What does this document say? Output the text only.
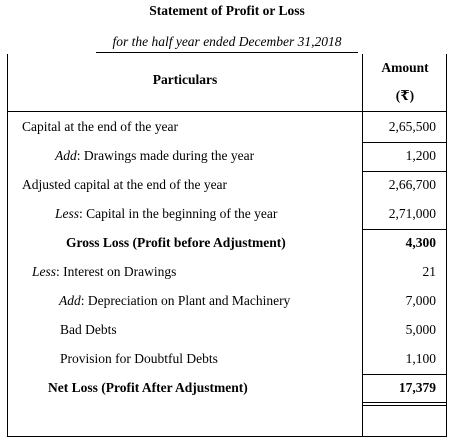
Statement of Profit or Loss
for the half year ended December 31,2018
Particulars
Amount
(₹)
Capital at the end of the year	2,65,500
Add: Drawings made during the year	1,200
Adjusted capital at the end of the year	2,66,700
Less: Capital in the beginning of the year	2,71,000
Gross Loss (Profit before Adjustment)	4,300
Less: Interest on Drawings	21
Add: Depreciation on Plant and Machinery	7,000
Bad Debts	5,000
Provision for Doubtful Debts	1,100
Net Loss (Profit After Adjustment)	17,379
